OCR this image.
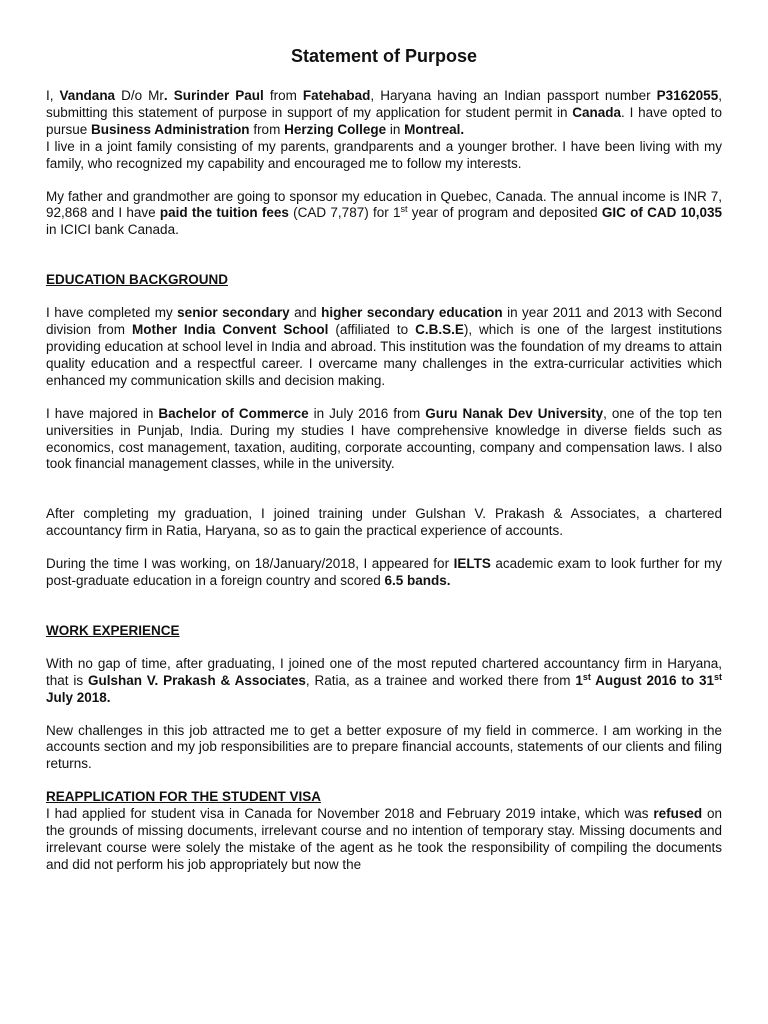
Statement of Purpose

I, Vandana D/o Mr. Surinder Paul from Fatehabad, Haryana having an Indian passport number P3162055, submitting this statement of purpose in support of my application for student permit in Canada. I have opted to pursue Business Administration from Herzing College in Montreal.
I live in a joint family consisting of my parents, grandparents and a younger brother. I have been living with my family, who recognized my capability and encouraged me to follow my interests.

My father and grandmother are going to sponsor my education in Quebec, Canada. The annual income is INR 7, 92,868 and I have paid the tuition fees (CAD 7,787) for 1st year of program and deposited GIC of CAD 10,035 in ICICI bank Canada.

EDUCATION BACKGROUND

I have completed my senior secondary and higher secondary education in year 2011 and 2013 with Second division from Mother India Convent School (affiliated to C.B.S.E), which is one of the largest institutions providing education at school level in India and abroad. This institution was the foundation of my dreams to attain quality education and a respectful career. I overcame many challenges in the extra-curricular activities which enhanced my communication skills and decision making.

I have majored in Bachelor of Commerce in July 2016 from Guru Nanak Dev University, one of the top ten universities in Punjab, India. During my studies I have comprehensive knowledge in diverse fields such as economics, cost management, taxation, auditing, corporate accounting, company and compensation laws. I also took financial management classes, while in the university.

After completing my graduation, I joined training under Gulshan V. Prakash & Associates, a chartered accountancy firm in Ratia, Haryana, so as to gain the practical experience of accounts.

During the time I was working, on 18/January/2018, I appeared for IELTS academic exam to look further for my post-graduate education in a foreign country and scored 6.5 bands.

WORK EXPERIENCE

With no gap of time, after graduating, I joined one of the most reputed chartered accountancy firm in Haryana, that is Gulshan V. Prakash & Associates, Ratia, as a trainee and worked there from 1st August 2016 to 31st July 2018.

New challenges in this job attracted me to get a better exposure of my field in commerce. I am working in the accounts section and my job responsibilities are to prepare financial accounts, statements of our clients and filing returns.

REAPPLICATION FOR THE STUDENT VISA

I had applied for student visa in Canada for November 2018 and February 2019 intake, which was refused on the grounds of missing documents, irrelevant course and no intention of temporary stay. Missing documents and irrelevant course were solely the mistake of the agent as he took the responsibility of compiling the documents and did not perform his job appropriately but now the
